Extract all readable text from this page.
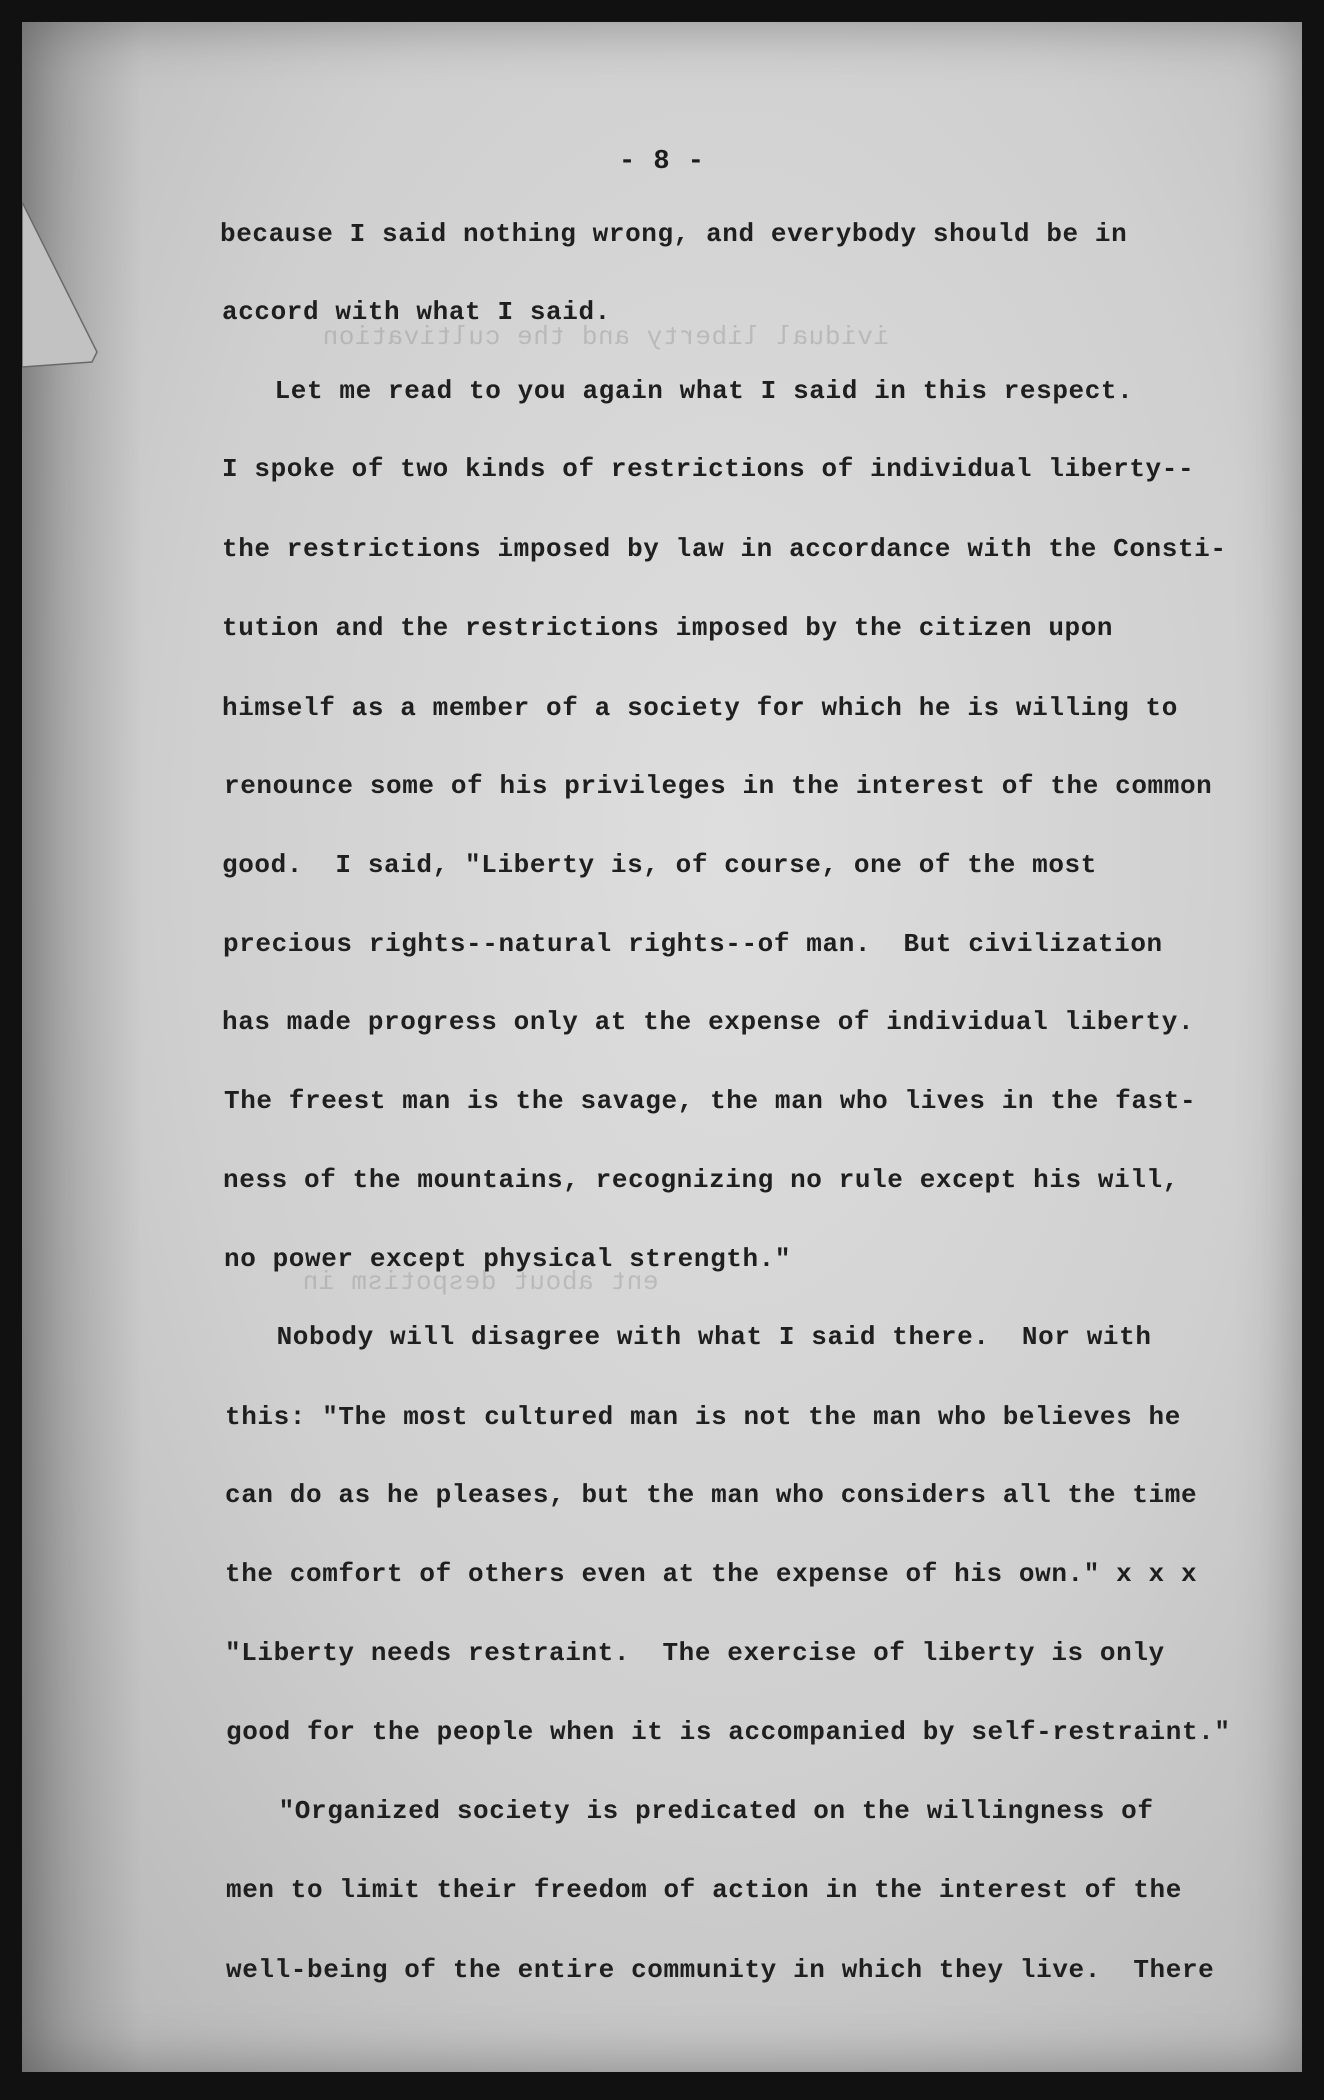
ividual liberty and the cultivation
ent about despotism in
- 8 -
because I said nothing wrong, and everybody should be in
accord with what I said.
Let me read to you again what I said in this respect.
I spoke of two kinds of restrictions of individual liberty--
the restrictions imposed by law in accordance with the Consti-
tution and the restrictions imposed by the citizen upon
himself as a member of a society for which he is willing to
renounce some of his privileges in the interest of the common
good.  I said, "Liberty is, of course, one of the most
precious rights--natural rights--of man.  But civilization
has made progress only at the expense of individual liberty.
The freest man is the savage, the man who lives in the fast-
ness of the mountains, recognizing no rule except his will,
no power except physical strength."
Nobody will disagree with what I said there.  Nor with
this: "The most cultured man is not the man who believes he
can do as he pleases, but the man who considers all the time
the comfort of others even at the expense of his own." x x x
"Liberty needs restraint.  The exercise of liberty is only
good for the people when it is accompanied by self-restraint."
"Organized society is predicated on the willingness of
men to limit their freedom of action in the interest of the
well-being of the entire community in which they live.  There
